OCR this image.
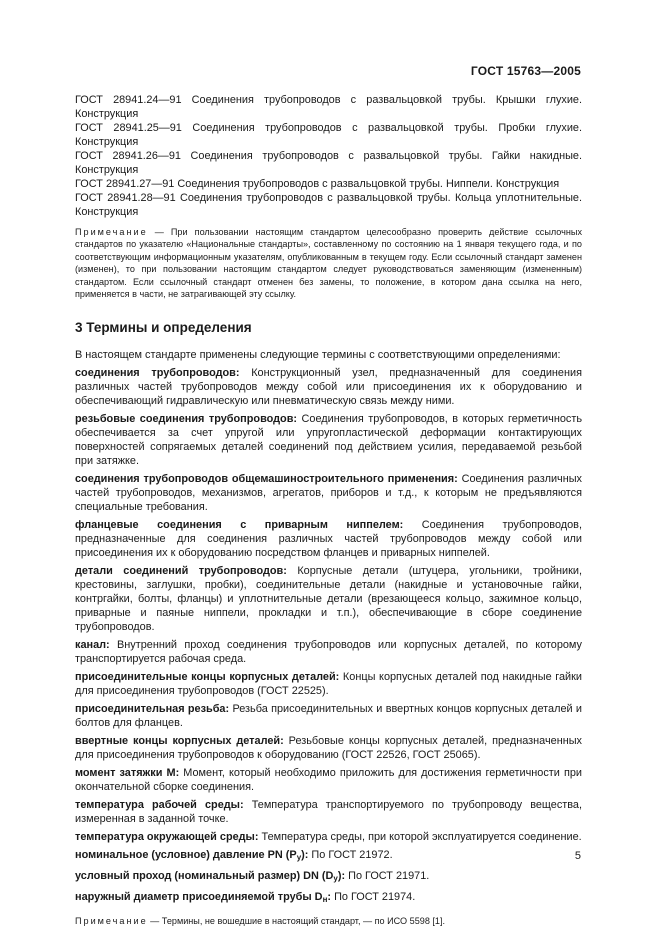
ГОСТ 15763—2005

ГОСТ 28941.24—91 Соединения трубопроводов с развальцовкой трубы. Крышки глухие. Конструкция

ГОСТ 28941.25—91 Соединения трубопроводов с развальцовкой трубы. Пробки глухие. Конструкция

ГОСТ 28941.26—91 Соединения трубопроводов с развальцовкой трубы. Гайки накидные. Конструкция

ГОСТ 28941.27—91 Соединения трубопроводов с развальцовкой трубы. Ниппели. Конструкция

ГОСТ 28941.28—91 Соединения трубопроводов с развальцовкой трубы. Кольца уплотнительные. Конструкция

Примечание — При пользовании настоящим стандартом целесообразно проверить действие ссылочных стандартов по указателю «Национальные стандарты», составленному по состоянию на 1 января текущего года, и по соответствующим информационным указателям, опубликованным в текущем году. Если ссылочный стандарт заменен (изменен), то при пользовании настоящим стандартом следует руководствоваться заменяющим (измененным) стандартом. Если ссылочный стандарт отменен без замены, то положение, в котором дана ссылка на него, применяется в части, не затрагивающей эту ссылку.

3 Термины и определения

В настоящем стандарте применены следующие термины с соответствующими определениями:

соединения трубопроводов: Конструкционный узел, предназначенный для соединения различных частей трубопроводов между собой или присоединения их к оборудованию и обеспечивающий гидравлическую или пневматическую связь между ними.

резьбовые соединения трубопроводов: Соединения трубопроводов, в которых герметичность обеспечивается за счет упругой или упругопластической деформации контактирующих поверхностей сопрягаемых деталей соединений под действием усилия, передаваемой резьбой при затяжке.

соединения трубопроводов общемашиностроительного применения: Соединения различных частей трубопроводов, механизмов, агрегатов, приборов и т.д., к которым не предъявляются специальные требования.

фланцевые соединения с приварным ниппелем: Соединения трубопроводов, предназначенные для соединения различных частей трубопроводов между собой или присоединения их к оборудованию посредством фланцев и приварных ниппелей.

детали соединений трубопроводов: Корпусные детали (штуцера, угольники, тройники, крестовины, заглушки, пробки), соединительные детали (накидные и установочные гайки, контргайки, болты, фланцы) и уплотнительные детали (врезающееся кольцо, зажимное кольцо, приварные и паяные ниппели, прокладки и т.п.), обеспечивающие в сборе соединение трубопроводов.

канал: Внутренний проход соединения трубопроводов или корпусных деталей, по которому транспортируется рабочая среда.

присоединительные концы корпусных деталей: Концы корпусных деталей под накидные гайки для присоединения трубопроводов (ГОСТ 22525).

присоединительная резьба: Резьба присоединительных и ввертных концов корпусных деталей и болтов для фланцев.

ввертные концы корпусных деталей: Резьбовые концы корпусных деталей, предназначенных для присоединения трубопроводов к оборудованию (ГОСТ 22526, ГОСТ 25065).

момент затяжки M: Момент, который необходимо приложить для достижения герметичности при окончательной сборке соединения.

температура рабочей среды: Температура транспортируемого по трубопроводу вещества, измеренная в заданной точке.

температура окружающей среды: Температура среды, при которой эксплуатируется соединение.

номинальное (условное) давление PN $(P_у)$: По ГОСТ 21972.

условный проход (номинальный размер) DN $(D_у)$: По ГОСТ 21971.

наружный диаметр присоединяемой трубы $D_н$: По ГОСТ 21974.

Примечание — Термины, не вошедшие в настоящий стандарт, — по ИСО 5598 [1].

5
